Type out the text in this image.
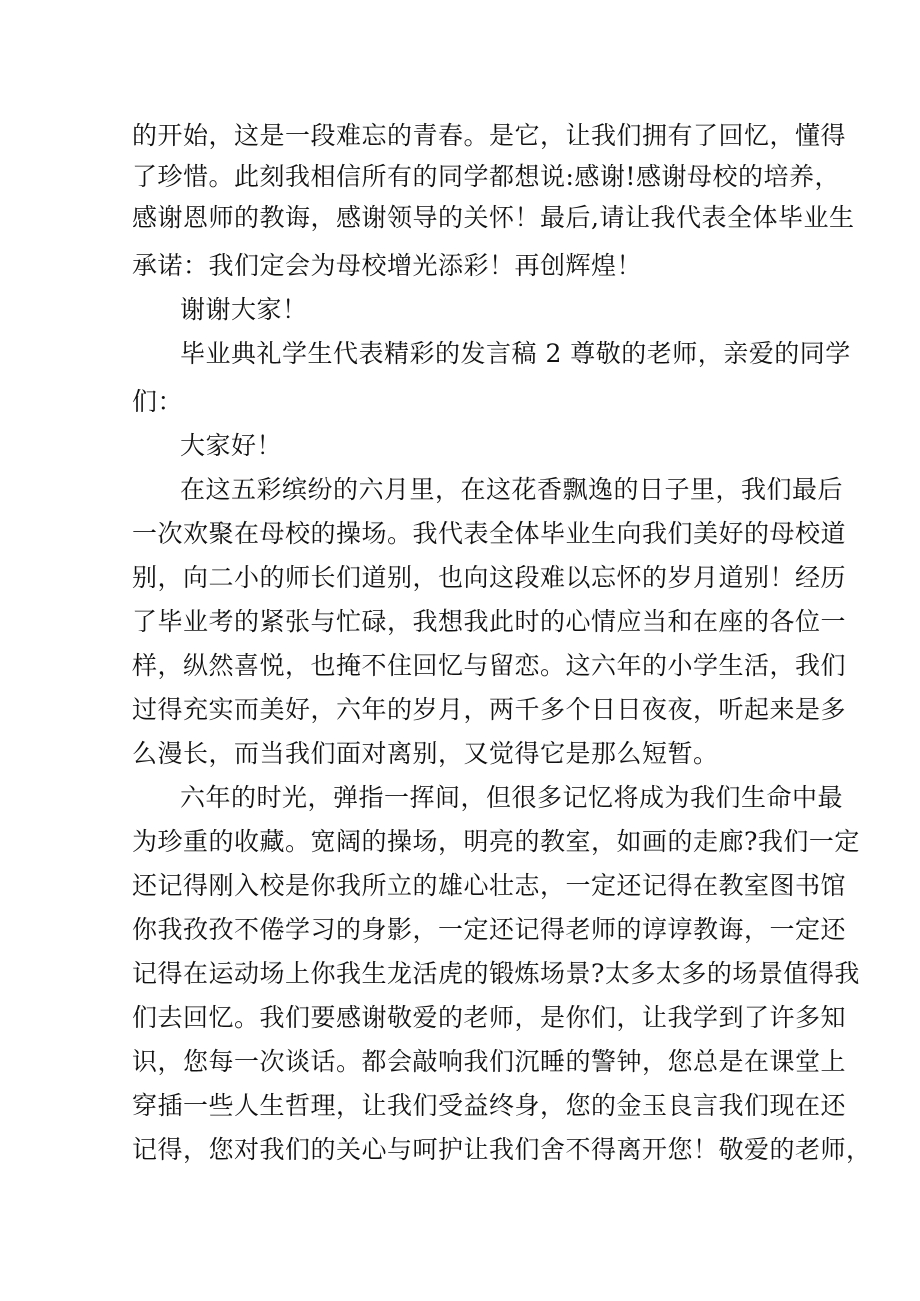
的开始，这是一段难忘的青春。是它，让我们拥有了回忆，懂得
了珍惜。此刻我相信所有的同学都想说:感谢!感谢母校的培养，
感谢恩师的教诲，感谢领导的关怀！最后,请让我代表全体毕业生
承诺：我们定会为母校增光添彩！再创辉煌！
谢谢大家！
毕业典礼学生代表精彩的发言稿 2 尊敬的老师，亲爱的同学
们：
大家好！
在这五彩缤纷的六月里，在这花香飘逸的日子里，我们最后
一次欢聚在母校的操场。我代表全体毕业生向我们美好的母校道
别，向二小的师长们道别，也向这段难以忘怀的岁月道别！经历
了毕业考的紧张与忙碌，我想我此时的心情应当和在座的各位一
样，纵然喜悦，也掩不住回忆与留恋。这六年的小学生活，我们
过得充实而美好，六年的岁月，两千多个日日夜夜，听起来是多
么漫长，而当我们面对离别，又觉得它是那么短暂。
六年的时光，弹指一挥间，但很多记忆将成为我们生命中最
为珍重的收藏。宽阔的操场，明亮的教室，如画的走廊?我们一定
还记得刚入校是你我所立的雄心壮志，一定还记得在教室图书馆
你我孜孜不倦学习的身影，一定还记得老师的谆谆教诲，一定还
记得在运动场上你我生龙活虎的锻炼场景?太多太多的场景值得我
们去回忆。我们要感谢敬爱的老师，是你们，让我学到了许多知
识，您每一次谈话。都会敲响我们沉睡的警钟，您总是在课堂上
穿插一些人生哲理，让我们受益终身，您的金玉良言我们现在还
记得，您对我们的关心与呵护让我们舍不得离开您！敬爱的老师，
